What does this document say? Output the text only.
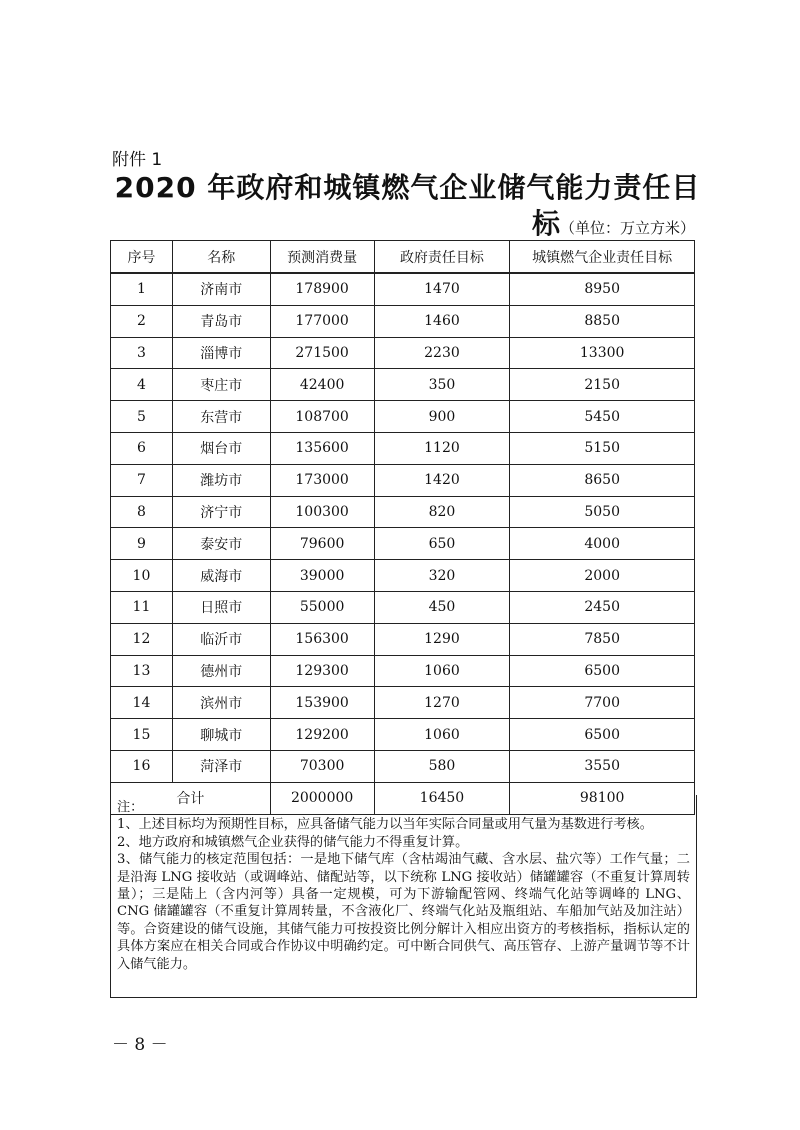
附件 1
2020 年政府和城镇燃气企业储气能力责任目
标（单位：万立方米）
序号	名称	预测消费量	政府责任目标	城镇燃气企业责任目标
1	济南市	178900	1470	8950
2	青岛市	177000	1460	8850
3	淄博市	271500	2230	13300
4	枣庄市	42400	350	2150
5	东营市	108700	900	5450
6	烟台市	135600	1120	5150
7	潍坊市	173000	1420	8650
8	济宁市	100300	820	5050
9	泰安市	79600	650	4000
10	威海市	39000	320	2000
11	日照市	55000	450	2450
12	临沂市	156300	1290	7850
13	德州市	129300	1060	6500
14	滨州市	153900	1270	7700
15	聊城市	129200	1060	6500
16	菏泽市	70300	580	3550
合计		2000000	16450	98100
注：
1、上述目标均为预期性目标，应具备储气能力以当年实际合同量或用气量为基数进行考核。
2、地方政府和城镇燃气企业获得的储气能力不得重复计算。
3、储气能力的核定范围包括：一是地下储气库（含枯竭油气藏、含水层、盐穴等）工作气量；二是沿海 LNG 接收站（或调峰站、储配站等，以下统称 LNG 接收站）储罐罐容（不重复计算周转量）；三是陆上（含内河等）具备一定规模，可为下游输配管网、终端气化站等调峰的 LNG、CNG 储罐罐容（不重复计算周转量，不含液化厂、终端气化站及瓶组站、车船加气站及加注站）等。合资建设的储气设施，其储气能力可按投资比例分解计入相应出资方的考核指标，指标认定的具体方案应在相关合同或合作协议中明确约定。可中断合同供气、高压管存、上游产量调节等不计入储气能力。
－ 8 －
